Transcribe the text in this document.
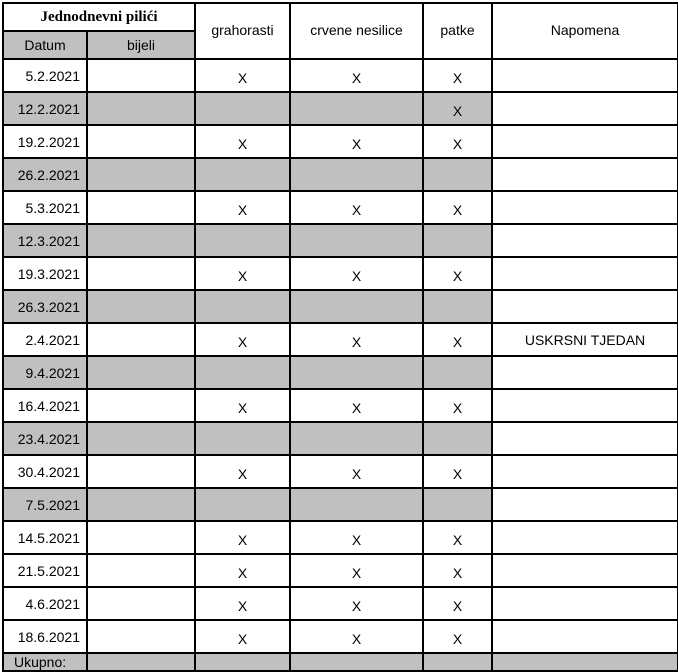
Jednodnevni pilići		grahorasti	crvene nesilice	patke	Napomena
Datum	bijeli				
5.2.2021		X	X	X	
12.2.2021				X	
19.2.2021		X	X	X	
26.2.2021					
5.3.2021		X	X	X	
12.3.2021					
19.3.2021		X	X	X	
26.3.2021					
2.4.2021		X	X	X	USKRSNI TJEDAN
9.4.2021					
16.4.2021		X	X	X	
23.4.2021					
30.4.2021		X	X	X	
7.5.2021					
14.5.2021		X	X	X	
21.5.2021		X	X	X	
4.6.2021		X	X	X	
18.6.2021		X	X	X	
Ukupno:					
